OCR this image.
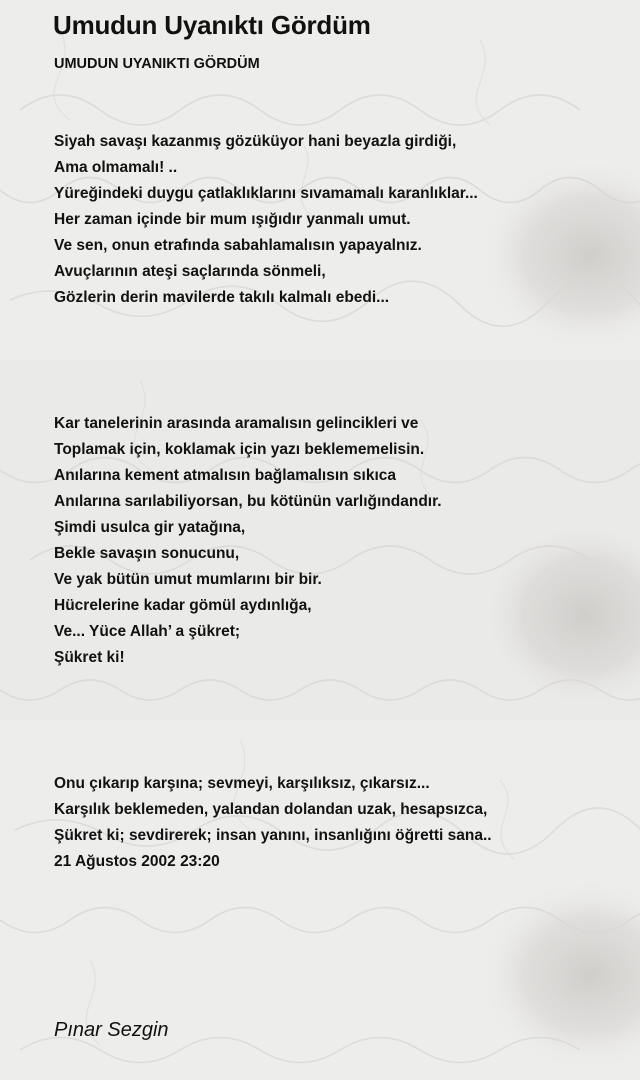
Umudun Uyanıktı Gördüm
UMUDUN UYANIKTI GÖRDÜM
Siyah savaşı kazanmış gözüküyor hani beyazla girdiği,
Ama olmamalı! ..
Yüreğindeki duygu çatlaklıklarını sıvamamalı karanlıklar...
Her zaman içinde bir mum ışığıdır yanmalı umut.
Ve sen, onun etrafında sabahlamalısın yapayalnız.
Avuçlarının ateşi saçlarında sönmeli,
Gözlerin derin mavilerde takılı kalmalı ebedi...
Kar tanelerinin arasında aramalısın gelincikleri ve
Toplamak için, koklamak için yazı beklememelisin.
Anılarına kement atmalısın bağlamalısın sıkıca
Anılarına sarılabiliyorsan, bu kötünün varlığındandır.
Şimdi usulca gir yatağına,
Bekle savaşın sonucunu,
Ve yak bütün umut mumlarını bir bir.
Hücrelerine kadar gömül aydınlığa,
Ve... Yüce Allah’ a şükret;
Şükret ki!
Onu çıkarıp karşına; sevmeyi, karşılıksız, çıkarsız...
Karşılık beklemeden, yalandan dolandan uzak, hesapsızca,
Şükret ki; sevdirerek; insan yanını, insanlığını öğretti sana..
21 Ağustos 2002 23:20

Pınar Sezgin
